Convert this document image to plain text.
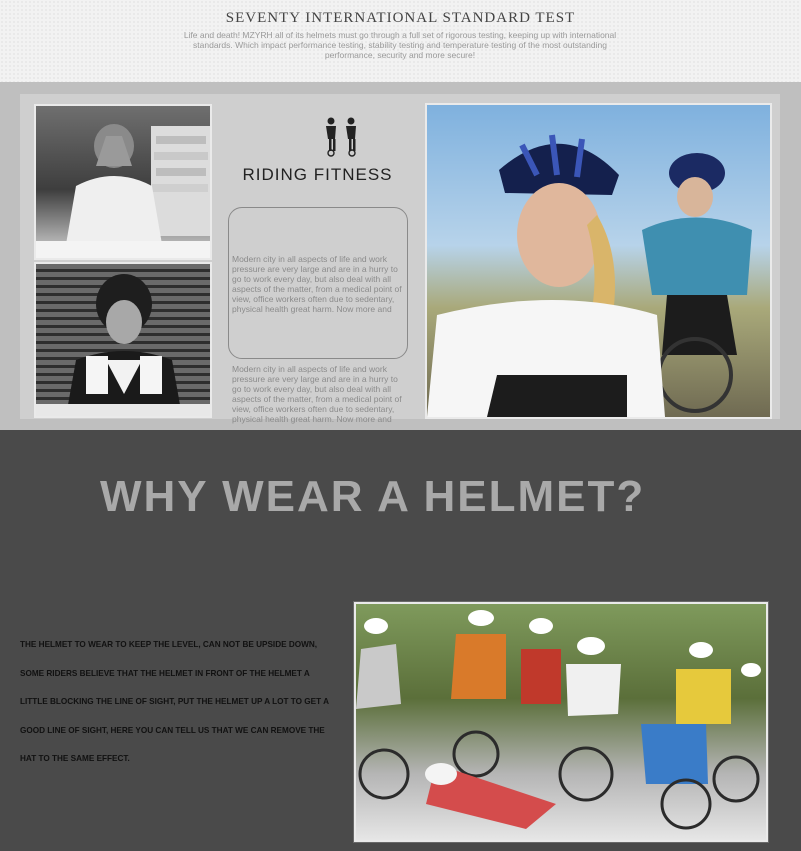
SEVENTY INTERNATIONAL STANDARD TEST
Life and death! MZYRH all of its helmets must go through a full set of rigorous testing, keeping up with international standards. Which impact performance testing, stability testing and temperature testing of the most outstanding performance, security and more secure!
RIDING FITNESS
Modern city in all aspects of life and work pressure are very large and are in a hurry to go to work every day, but also deal with all aspects of the matter, from a medical point of view, office workers often due to sedentary, physical health great harm. Now more and
Modern city in all aspects of life and work pressure are very large and are in a hurry to go to work every day, but also deal with all aspects of the matter, from a medical point of view, office workers often due to sedentary, physical health great harm. Now more and
WHY WEAR A HELMET?
THE HELMET TO WEAR TO KEEP THE LEVEL, CAN NOT BE UPSIDE DOWN, SOME RIDERS BELIEVE THAT THE HELMET IN FRONT OF THE HELMET A LITTLE BLOCKING THE LINE OF SIGHT, PUT THE HELMET UP A LOT TO GET A GOOD LINE OF SIGHT, HERE YOU CAN TELL US THAT WE CAN REMOVE THE HAT TO THE SAME EFFECT.
